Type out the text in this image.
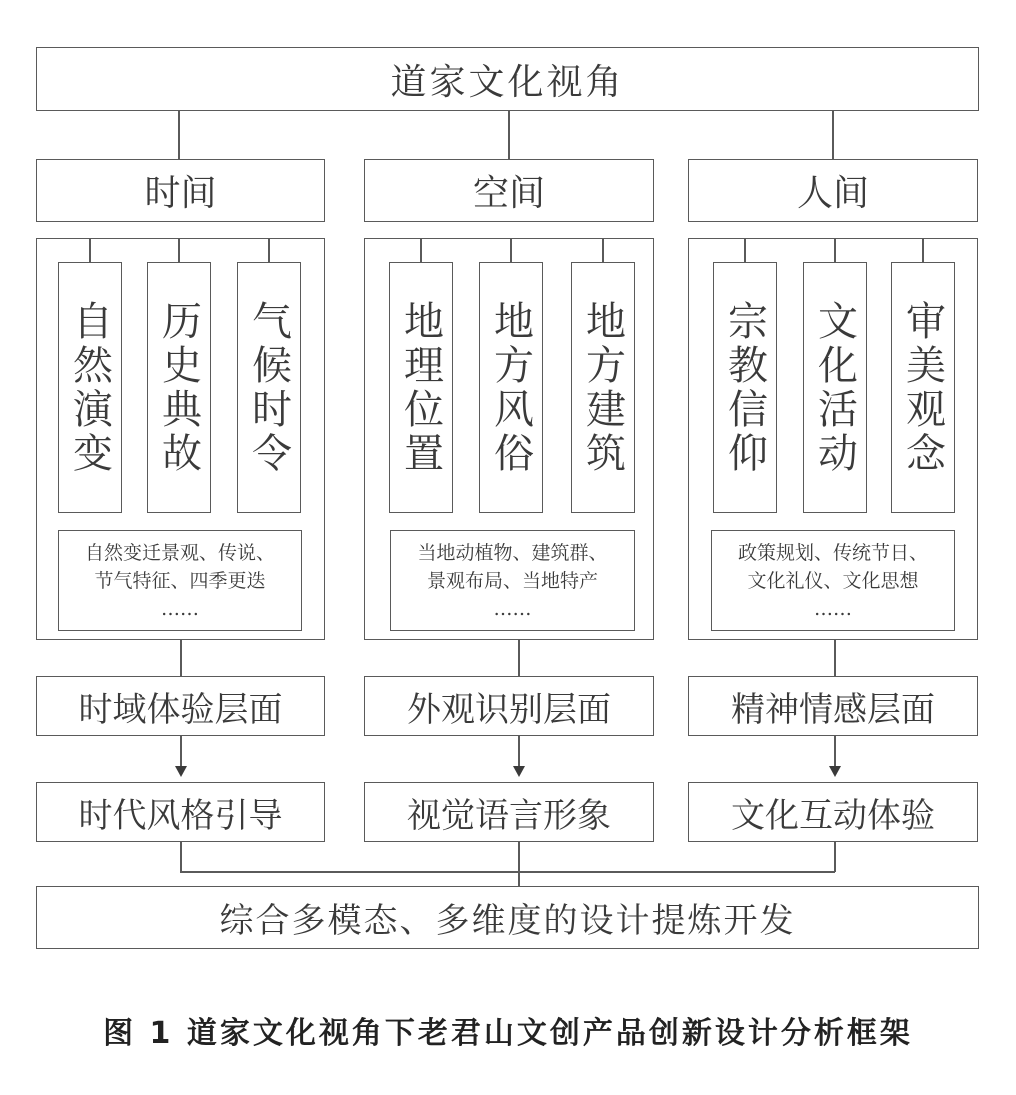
道家文化视角
时间	空间	人间
自然演变 历史典故 气候时令	地理位置 地方风俗 地方建筑 宗教信仰 文化活动 审美观念
自然变迁景观、传说、
节气特征、四季更迭
……
当地动植物、建筑群、
景观布局、当地特产
……
政策规划、传统节日、
文化礼仪、文化思想
……
时域体验层面	外观识别层面	精神情感层面
时代风格引导	视觉语言形象	文化互动体验
综合多模态、多维度的设计提炼开发
图 1 道家文化视角下老君山文创产品创新设计分析框架
